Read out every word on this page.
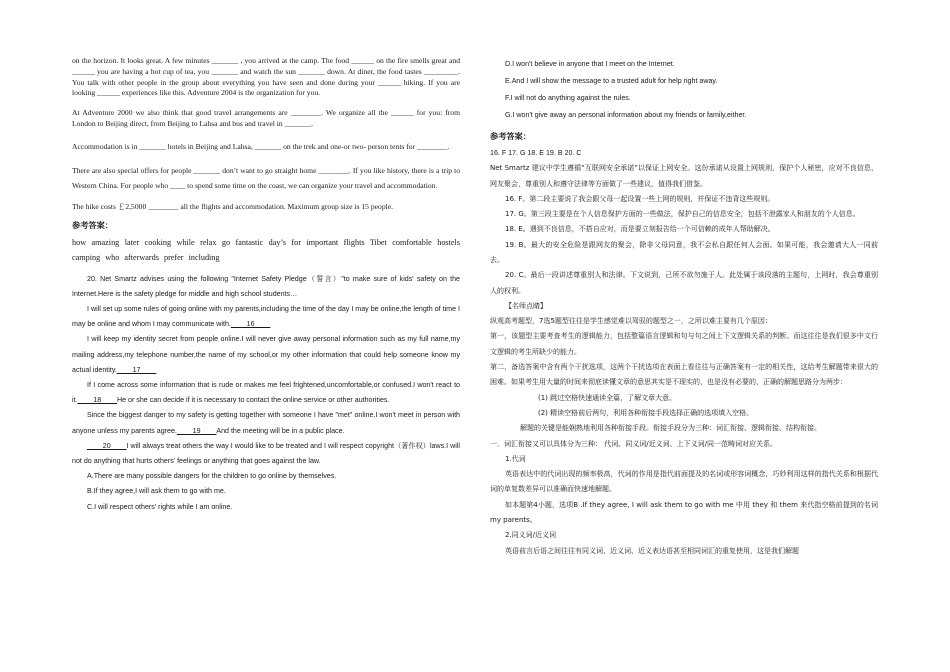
on the horizon. It looks great. A few minutes _______ , you arrived at the camp. The food ______ on the fire smells great and ______ you are having a hot cup of tea, you _______ and watch the sun _______ down. At diner, the food tastes _________. You talk with other people in the group about everything you have seen and done during your ______ hiking. If you are looking ______ experiences like this. Adventure 2004 is the organization for you.

At Adventure 2000 we also think that good travel arrangements are ________. We organize all the ______ for you: from London to Beijing direct, from Beijing to Lahsa and bus and travel in _______.

Accommodation is in _______ hotels in Beijing and Lahsa, _______ on the trek and one-or two- person tents for ________.

There are also special offers for people _______ don’t want to go straight home ________. If you like history, there is a trip to Western China. For people who ____ to spend some time on the coast, we can organize your travel and accommodation.

The hike costs ￡2,5000 ________ all the flights and accommodation. Maximum group size is 15 people.

参考答案：

how amazing later cooking while relax go fantastic day’s for important flights Tibet comfortable hostels camping who afterwards prefer including

20. Net Smartz advises using the following "Internet Safety Pledge（誓言）"to make sure of kids' safety on the Internet.Here is the safety pledge for middle and high school students…

I will set up some rules of going online with my parents,including the time of the day I may be online,the length of time I may be online and whom I may communicate with.____16____

I will keep my identity secret from people online.I will never give away personal information such as my full name,my mailing address,my telephone number,the name of my school,or my other information that could help someone know my actual identity.____17____

If I come across some information that is rude or makes me feel frightened,uncomfortable,or confused.I won't react to it.____18____He or she can decide if it is necessary to contact the online service or other authorities.

Since the biggest danger to my safety is getting together with someone I have "met" online,I won't meet in person with anyone unless my parents agree.____19____And the meeting will be in a public place.

____20____I will always treat others the way I would like to be treated and I will respect copyright（著作权）laws.I will not do anything that hurts others' feelings or anything that goes against the law.

A.There are many possible dangers for the children to go online by themselves.

B.If they agree,I will ask them to go with me.

C.I will respect others' rights while I am online.

D.I won't believe in anyone that I meet on the Internet.

E.And I will show the message to a trusted adult for help right away.

F.I will not do anything against the rules.

G.I won't give away an personal information about my friends or family,either.

参考答案：

16. F 17. G 18. E 19. B 20. C

Net Smartz 建议中学生遵循“互联网安全承诺”以保证上网安全。这份承诺从设置上网规则，保护个人秘密，应对不良信息，网友聚会，尊重别人和遵守法律等方面做了一些建议，值得我们借鉴。

16. F。第二段主要说了我会跟父母一起设置一些上网的规则，并保证不违背这些规则。

17. G。第三段主要是在个人信息保护方面的一些做法，保护自己的信息安全，包括不泄露家人和朋友的个人信息。

18. E。遇到不良信息，不搭自应对，而是要立刻报告给一个可信赖的成年人帮助解决。

19. B。最大的安全危险是跟网友的聚会，除非父母同意，我不会私自跟任何人会面。如果可能，我会邀请大人一同前去。

20. C。最后一段讲述尊重别人和法律。下文说到，己所不欲勿施于人。此处属于该段落的主题句，上网时，我会尊重别人的权利。

【名师点睛】

纵观高考题型，7选5题型往往是学生感觉难以驾驭的题型之一，之所以难主要有几个原因：

第一，该题型主要考查考生的逻辑能力，包括整篇语言逻辑和句与句之间上下文逻辑关系的判断。而这往往是我们很多中文行文逻辑的考生所缺少的能力。

第二，备选答案中含有两个干扰选项，这两个干扰选项在表面上看往往与正确答案有一定的相关性，这给考生解题带来很大的困难。如果考生用大量的时间来彻底读懂文章的意思其实是不现实的，也是没有必要的，正确的解题思路分为两步：

(1) 跳过空格快速通读全篇，了解文章大意。

(2) 精读空格前后两句，利用各种衔接手段选择正确的选项填入空格。

解题的关键是能娴熟地利用各种衔接手段。衔接手段分为三种：词汇衔接、逻辑衔接、结构衔接。

一．词汇衔接又可以具体分为三种： 代词、同义词/近义词、上下义词/同一范畴词对应关系。

1.代词

英语表达中的代词出现的频率极高，代词的作用是指代前面提及的名词或形容词概念，巧妙利用这样的指代关系和根据代词的单复数差异可以准确而快速地解题。

如本题第4小题，选项B .If they agree, I will ask them to go with me 中用 they 和 them 来代指空格前提到的名词 my parents。

2.同义词/近义词

英语前言后语之间往往有同义词、近义词、近义表达语甚至相同词汇的重复使用，这是我们解题
